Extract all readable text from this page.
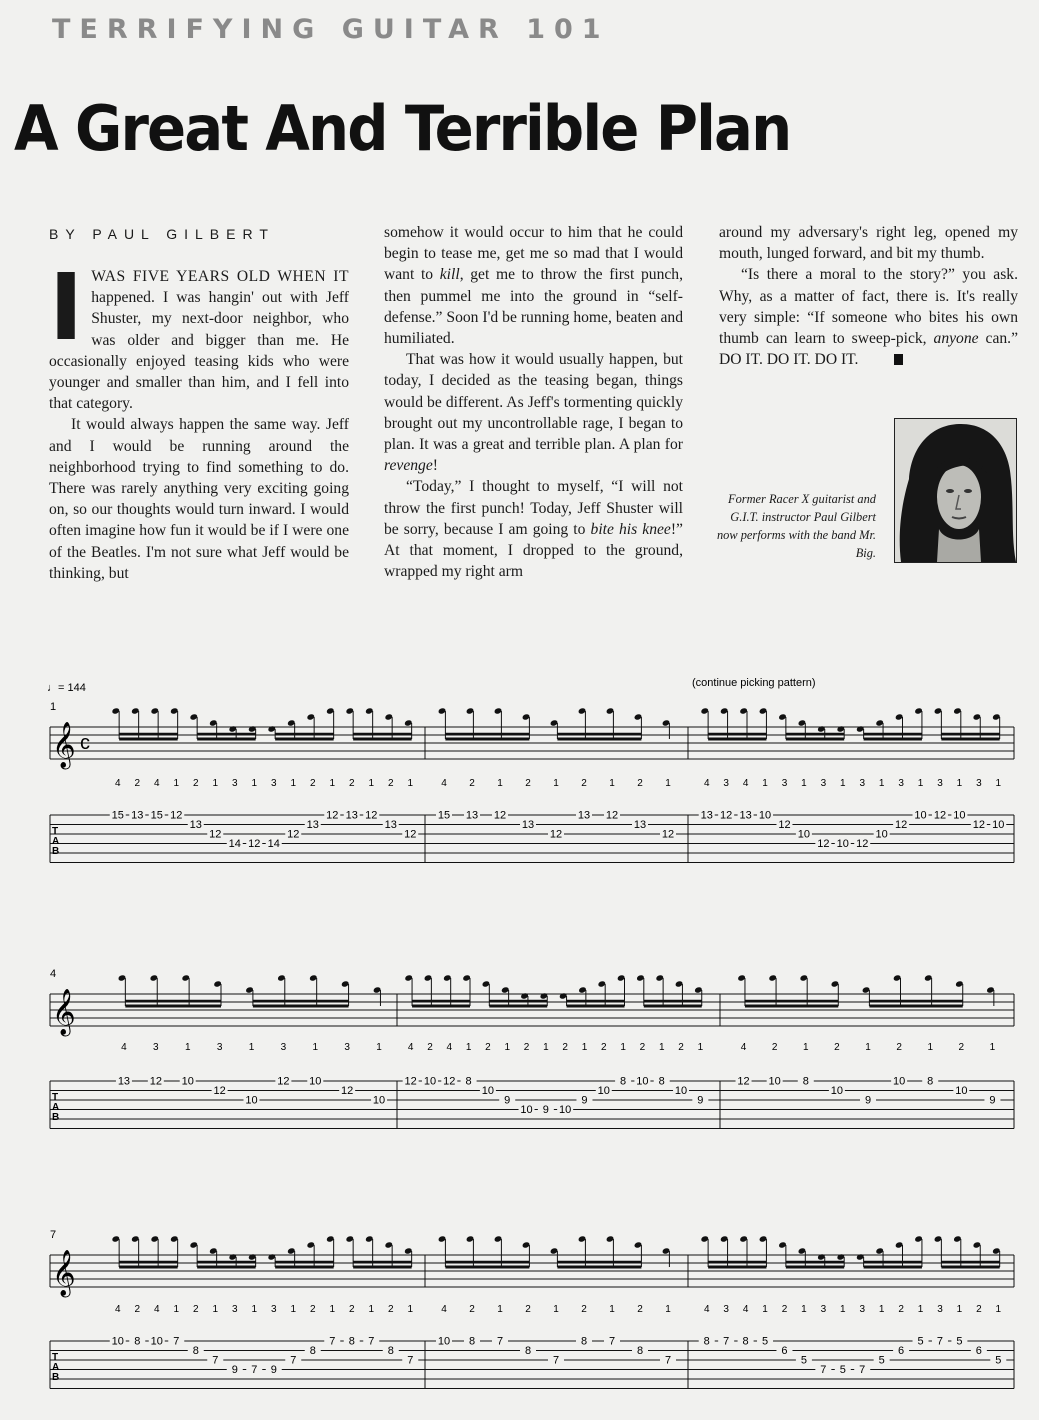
TERRIFYING GUITAR 101
A Great And Terrible Plan
BY PAUL GILBERT
I WAS FIVE YEARS OLD WHEN IT happened. I was hangin' out with Jeff Shuster, my next-door neighbor, who was older and bigger than me. He occasionally enjoyed teasing kids who were younger and smaller than him, and I fell into that category.

It would always happen the same way. Jeff and I would be running around the neighborhood trying to find something to do. There was rarely anything very exciting going on, so our thoughts would turn inward. I would often imagine how fun it would be if I were one of the Beatles. I'm not sure what Jeff would be thinking, but

somehow it would occur to him that he could begin to tease me, get me so mad that I would want to kill, get me to throw the first punch, then pummel me into the ground in “self-defense.” Soon I'd be running home, beaten and humiliated.

That was how it would usually happen, but today, I decided as the teasing began, things would be different. As Jeff's tormenting quickly brought out my uncontrollable rage, I began to plan. It was a great and terrible plan. A plan for revenge!

“Today,” I thought to myself, “I will not throw the first punch! Today, Jeff Shuster will be sorry, because I am going to bite his knee!” At that moment, I dropped to the ground, wrapped my right arm

around my adversary's right leg, opened my mouth, lunged forward, and bit my thumb.

“Is there a moral to the story?” you ask. Why, as a matter of fact, there is. It's really very simple: “If someone who bites his own thumb can learn to sweep-pick, anyone can.” DO IT. DO IT. DO IT.

Former Racer X guitarist and G.I.T. instructor Paul Gilbert now performs with the band Mr. Big.
♩= 144	(continue picking pattern)
1
𝄞 c
T
A
B
4
15
2
13
4
15
1
12
2
13
1
12
3
14
1
12
3
14
1
12
2
13
1
12
2
13
1
12
2
13
1
12
4
15
2
13
1
12
2
13
1
12
2
13
1
12
2
13
1
12
4
13
3
12
4
13
1
10
3
12
1
10
3
12
1
10
3
12
1
10
3
12
1
10
3
12
1
10
3
12
1
10
4
𝄞
T
A
B
4
13
3
12
1
10
3
12
1
10
3
12
1
10
3
12
1
10
4
12
2
10
4
12
1
8
2
10
1
9
2
10
1
9
2
10
1
9
2
10
1
8
2
10
1
8
2
10
1
9
4
12
2
10
1
8
2
10
1
9
2
10
1
8
2
10
1
9
7
𝄞
T
A
B
4
10
2
8
4
10
1
7
2
8
1
7
3
9
1
7
3
9
1
7
2
8
1
7
2
8
1
7
2
8
1
7
4
10
2
8
1
7
2
8
1
7
2
8
1
7
2
8
1
7
4
8
3
7
4
8
1
5
2
6
1
5
3
7
1
5
3
7
1
5
2
6
1
5
3
7
1
5
2
6
1
5
